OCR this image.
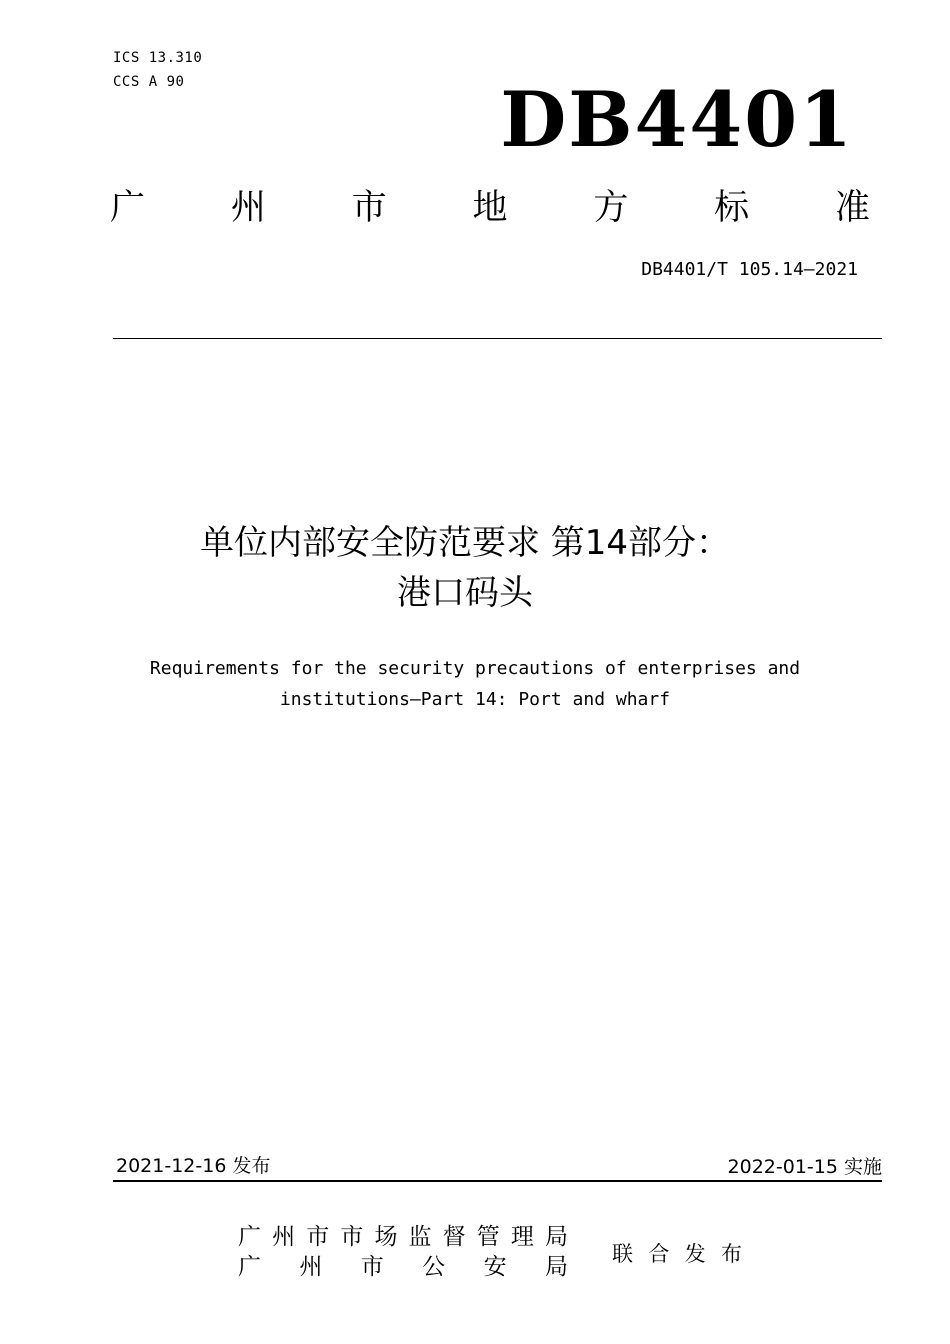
ICS 13.310
CCS A 90	DB4401
广 州 市 地 方 标 准
DB4401/T 105.14—2021
单位内部安全防范要求 第14部分：
港口码头
Requirements for the security precautions of enterprises and
institutions—Part 14: Port and wharf
2021-12-16 发布	2022-01-15 实施
广 州 市 市 场 监 督 管 理 局
广 州 市 公 安 局 联 合 发 布
